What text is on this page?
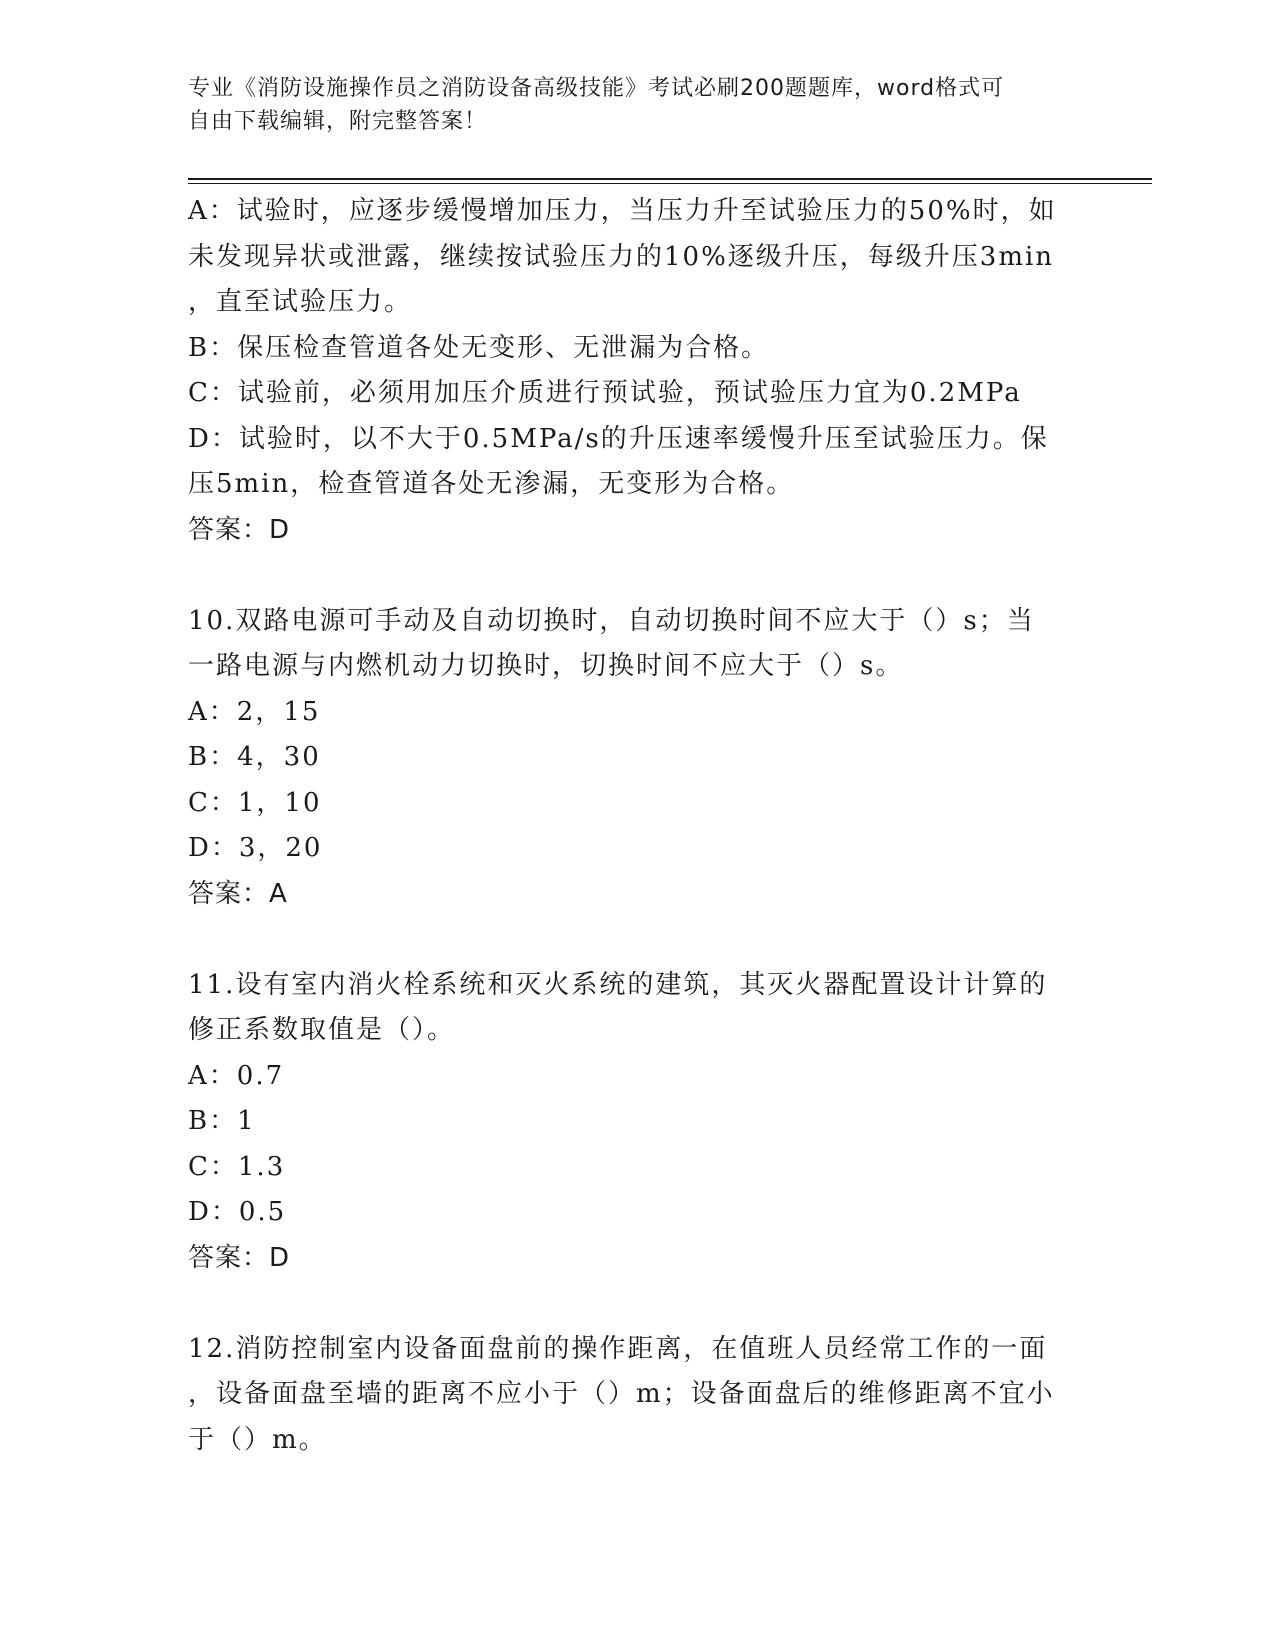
专业《消防设施操作员之消防设备高级技能》考试必刷200题题库，word格式可
自由下载编辑，附完整答案！
A：试验时，应逐步缓慢增加压力，当压力升至试验压力的50%时，如
未发现异状或泄露，继续按试验压力的10%逐级升压，每级升压3min
，直至试验压力。
B：保压检查管道各处无变形、无泄漏为合格。
C：试验前，必须用加压介质进行预试验，预试验压力宜为0.2MPa
D：试验时，以不大于0.5MPa/s的升压速率缓慢升压至试验压力。保
压5min，检查管道各处无渗漏，无变形为合格。
答案：D
10.双路电源可手动及自动切换时，自动切换时间不应大于（）s；当
一路电源与内燃机动力切换时，切换时间不应大于（）s。
A：2，15
B：4，30
C：1，10
D：3，20
答案：A
11.设有室内消火栓系统和灭火系统的建筑，其灭火器配置设计计算的
修正系数取值是（）。
A：0.7
B：1
C：1.3
D：0.5
答案：D
12.消防控制室内设备面盘前的操作距离，在值班人员经常工作的一面
，设备面盘至墙的距离不应小于（）m；设备面盘后的维修距离不宜小
于（）m。
